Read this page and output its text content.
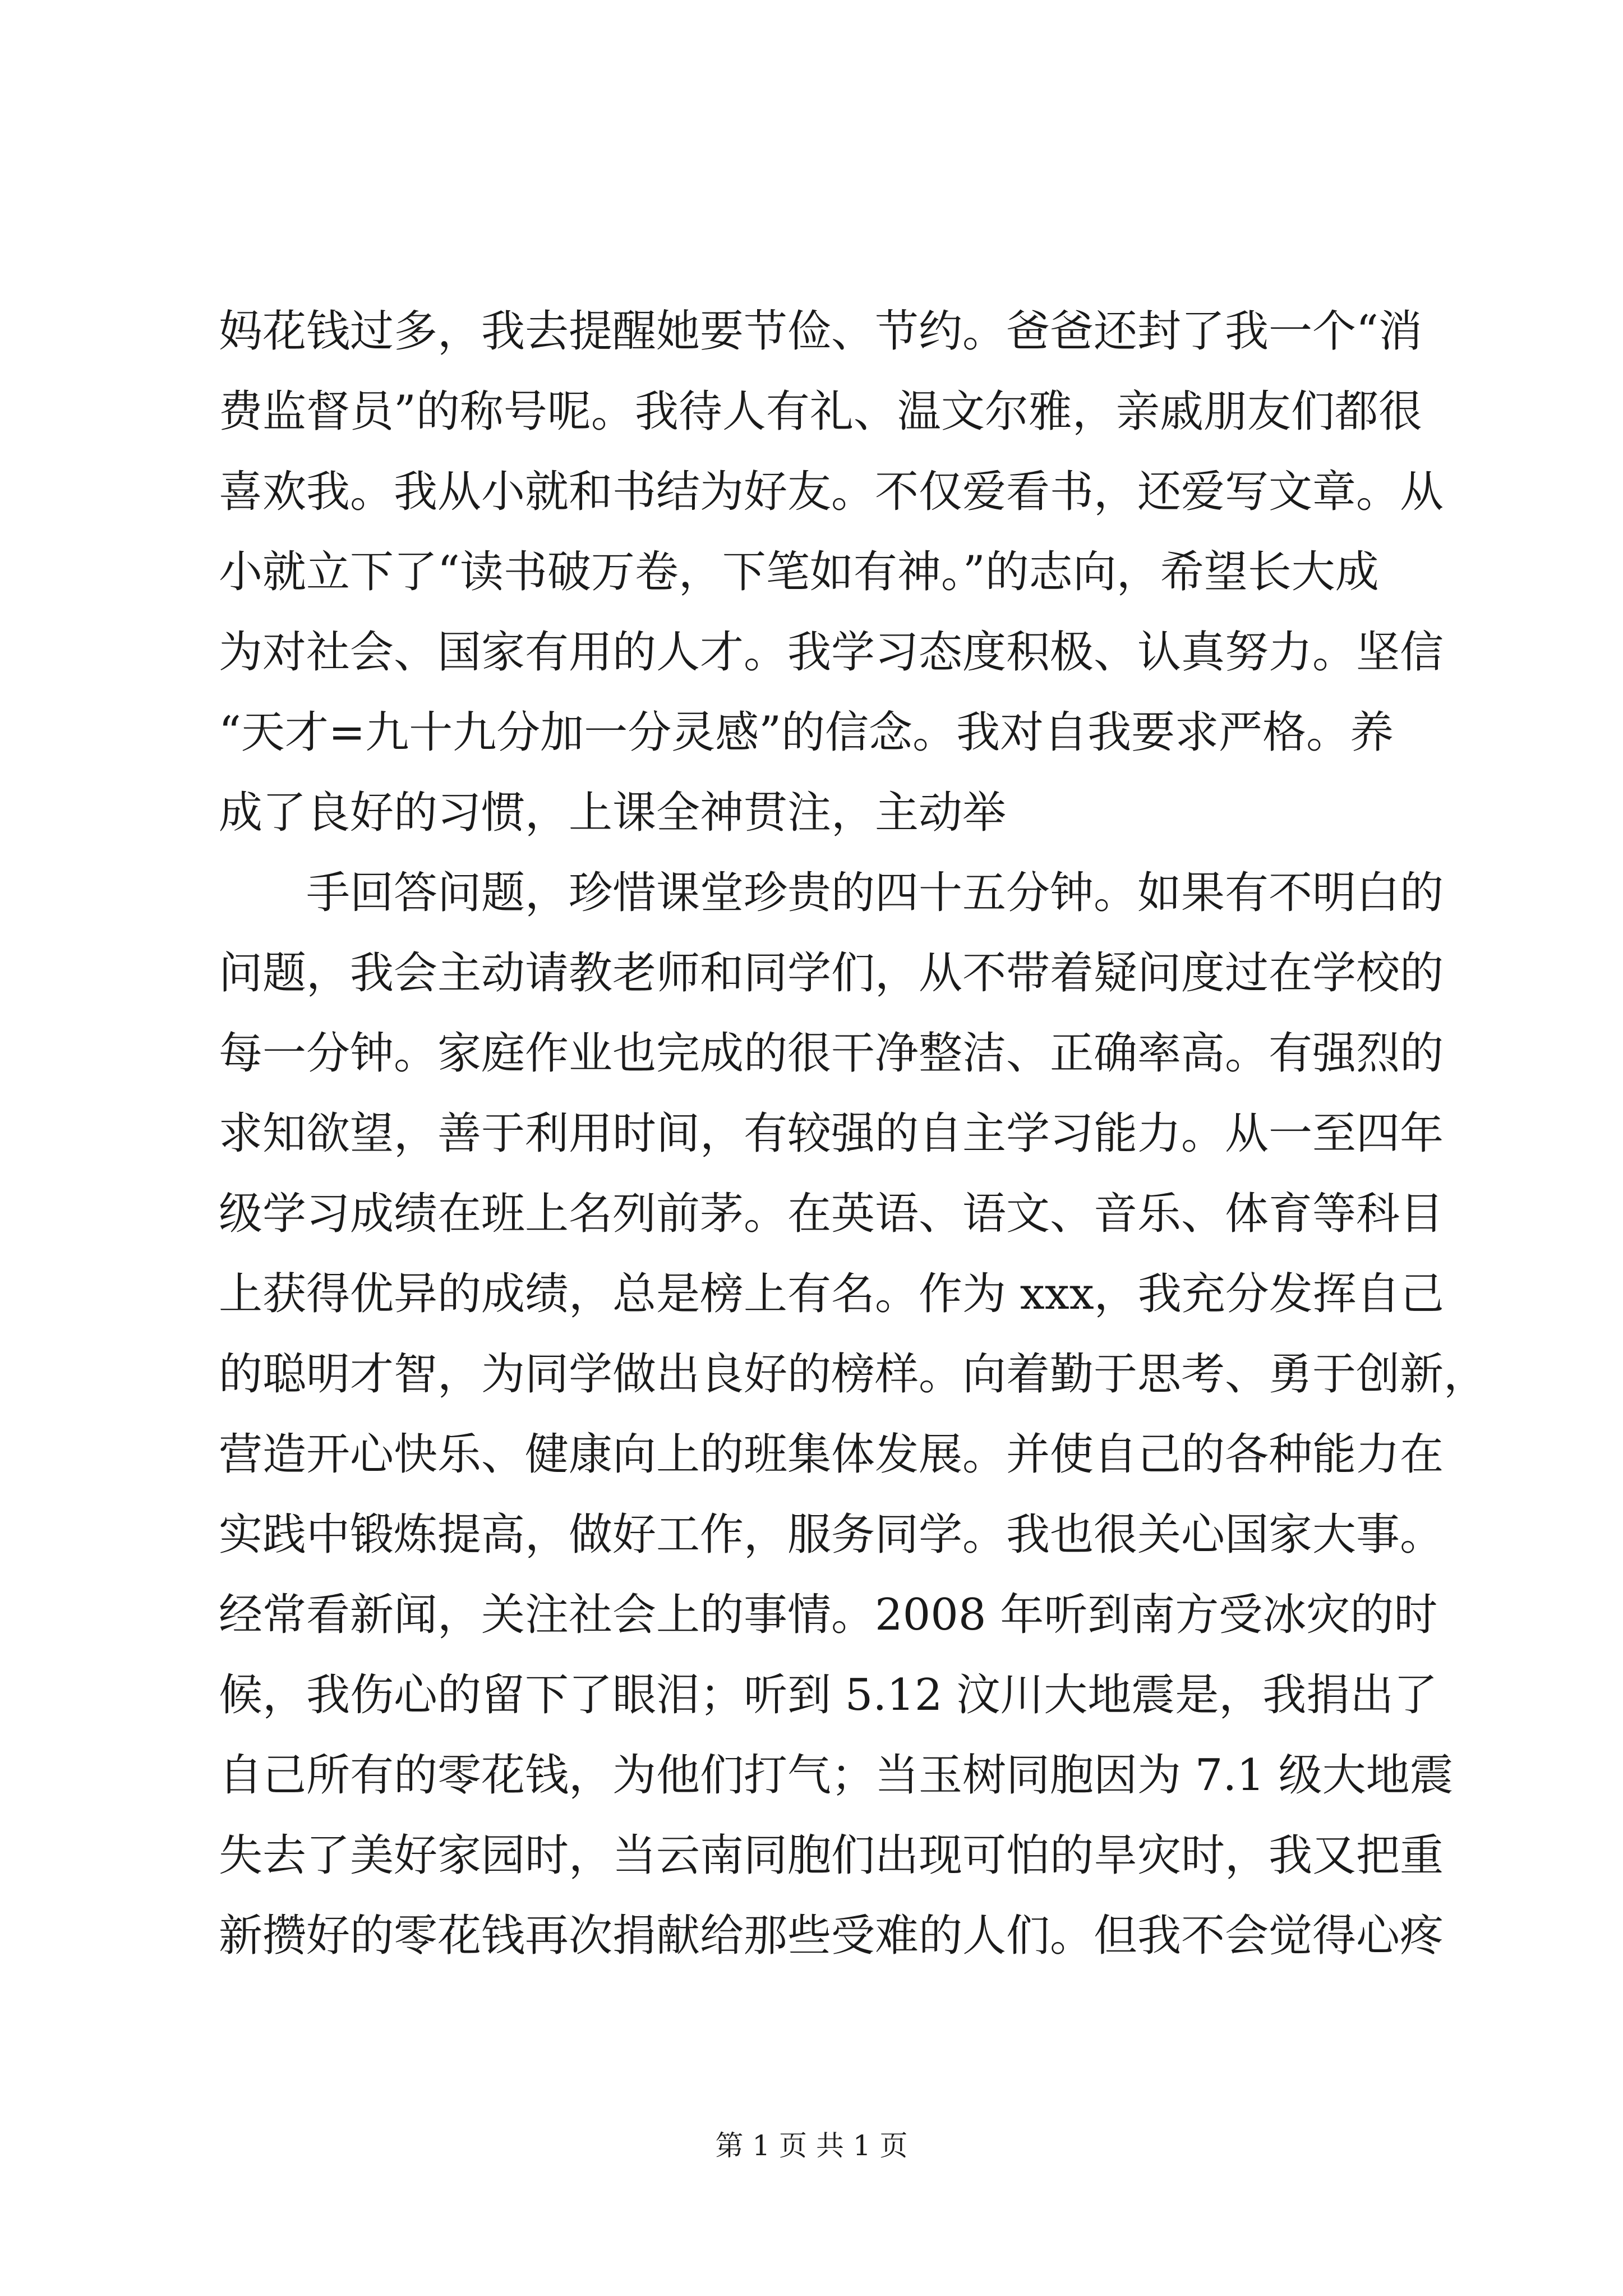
妈花钱过多，我去提醒她要节俭、节约。爸爸还封了我一个“消
费监督员”的称号呢。我待人有礼、温文尔雅，亲戚朋友们都很
喜欢我。我从小就和书结为好友。不仅爱看书，还爱写文章。从
小就立下了“读书破万卷，下笔如有神。”的志向，希望长大成
为对社会、国家有用的人才。我学习态度积极、认真努力。坚信
“天才=九十九分加一分灵感”的信念。我对自我要求严格。养
成了良好的习惯，上课全神贯注，主动举
　　手回答问题，珍惜课堂珍贵的四十五分钟。如果有不明白的
问题，我会主动请教老师和同学们，从不带着疑问度过在学校的
每一分钟。家庭作业也完成的很干净整洁、正确率高。有强烈的
求知欲望，善于利用时间，有较强的自主学习能力。从一至四年
级学习成绩在班上名列前茅。在英语、语文、音乐、体育等科目
上获得优异的成绩，总是榜上有名。作为 xxx，我充分发挥自己
的聪明才智，为同学做出良好的榜样。向着勤于思考、勇于创新，
营造开心快乐、健康向上的班集体发展。并使自己的各种能力在
实践中锻炼提高，做好工作，服务同学。我也很关心国家大事。
经常看新闻，关注社会上的事情。2008 年听到南方受冰灾的时
候，我伤心的留下了眼泪；听到 5.12 汶川大地震是，我捐出了
自己所有的零花钱，为他们打气；当玉树同胞因为 7.1 级大地震
失去了美好家园时，当云南同胞们出现可怕的旱灾时，我又把重
新攒好的零花钱再次捐献给那些受难的人们。但我不会觉得心疼
第 1 页 共 1 页
